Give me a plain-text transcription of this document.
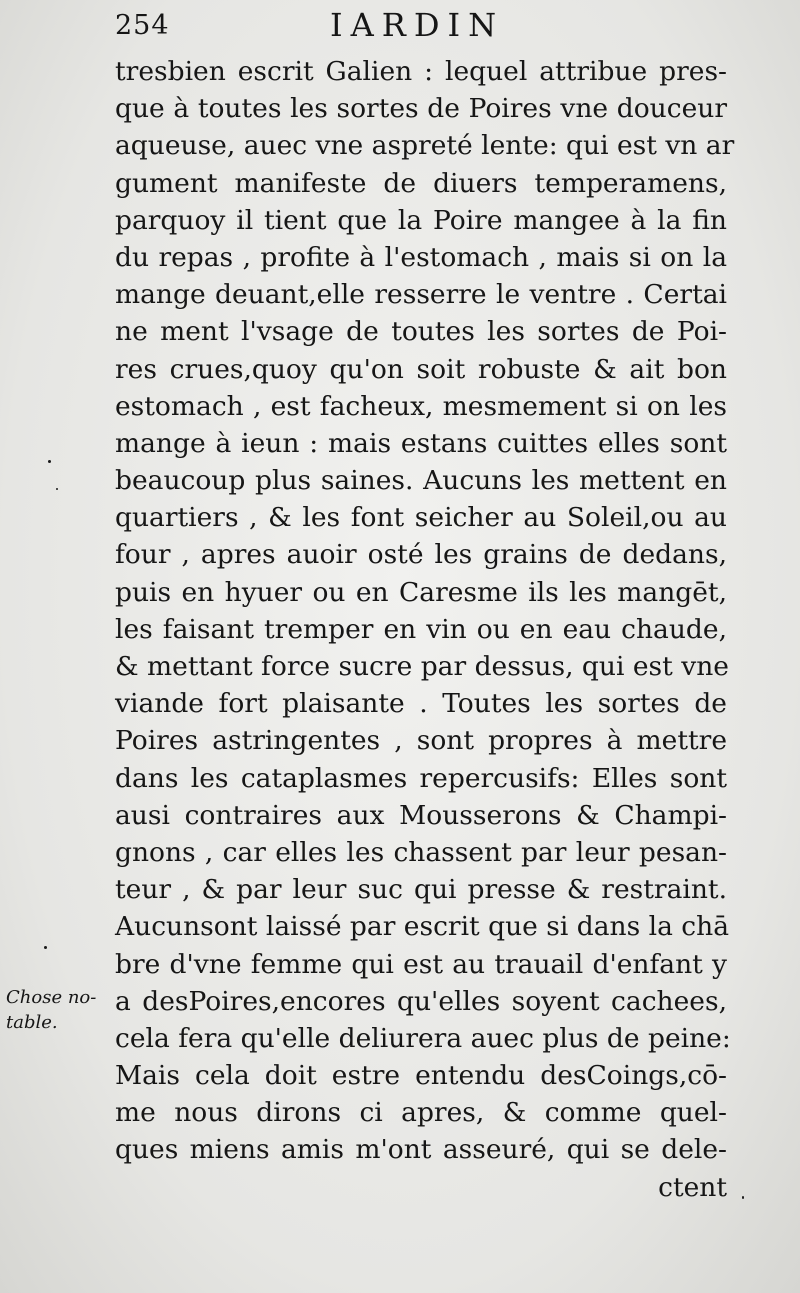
254	IARDIN
tresbien escrit Galien : lequel attribue pres-
que à toutes les sortes de Poires vne douceur
aqueuse, auec vne aspreté lente: qui est vn ar
gument manifeste de diuers temperamens,
parquoy il tient que la Poire mangee à la fin
du repas , profite à l'estomach , mais si on la
mange deuant,elle resserre le ventre . Certai
ne ment l'vsage de toutes les sortes de Poi-
res crues,quoy qu'on soit robuste & ait bon
estomach , est facheux, mesmement si on les
mange à ieun : mais estans cuittes elles sont
beaucoup plus saines. Aucuns les mettent en
quartiers , & les font seicher au Soleil,ou au
four , apres auoir osté les grains de dedans,
puis en hyuer ou en Caresme ils les mangēt,
les faisant tremper en vin ou en eau chaude,
& mettant force sucre par dessus, qui est vne
viande fort plaisante . Toutes les sortes de
Poires astringentes , sont propres à mettre
dans les cataplasmes repercusifs: Elles sont
ausi contraires aux Mousserons & Champi-
gnons , car elles les chassent par leur pesan-
teur , & par leur suc qui presse & restraint.
Aucunsont laissé par escrit que si dans la chā
bre d'vne femme qui est au trauail d'enfant y
a desPoires,encores qu'elles soyent cachees,
cela fera qu'elle deliurera auec plus de peine:
Mais cela doit estre entendu desCoings,cō-
me nous dirons ci apres, & comme quel-
ques miens amis m'ont asseuré, qui se dele-
ctent
Chose no-
table.
